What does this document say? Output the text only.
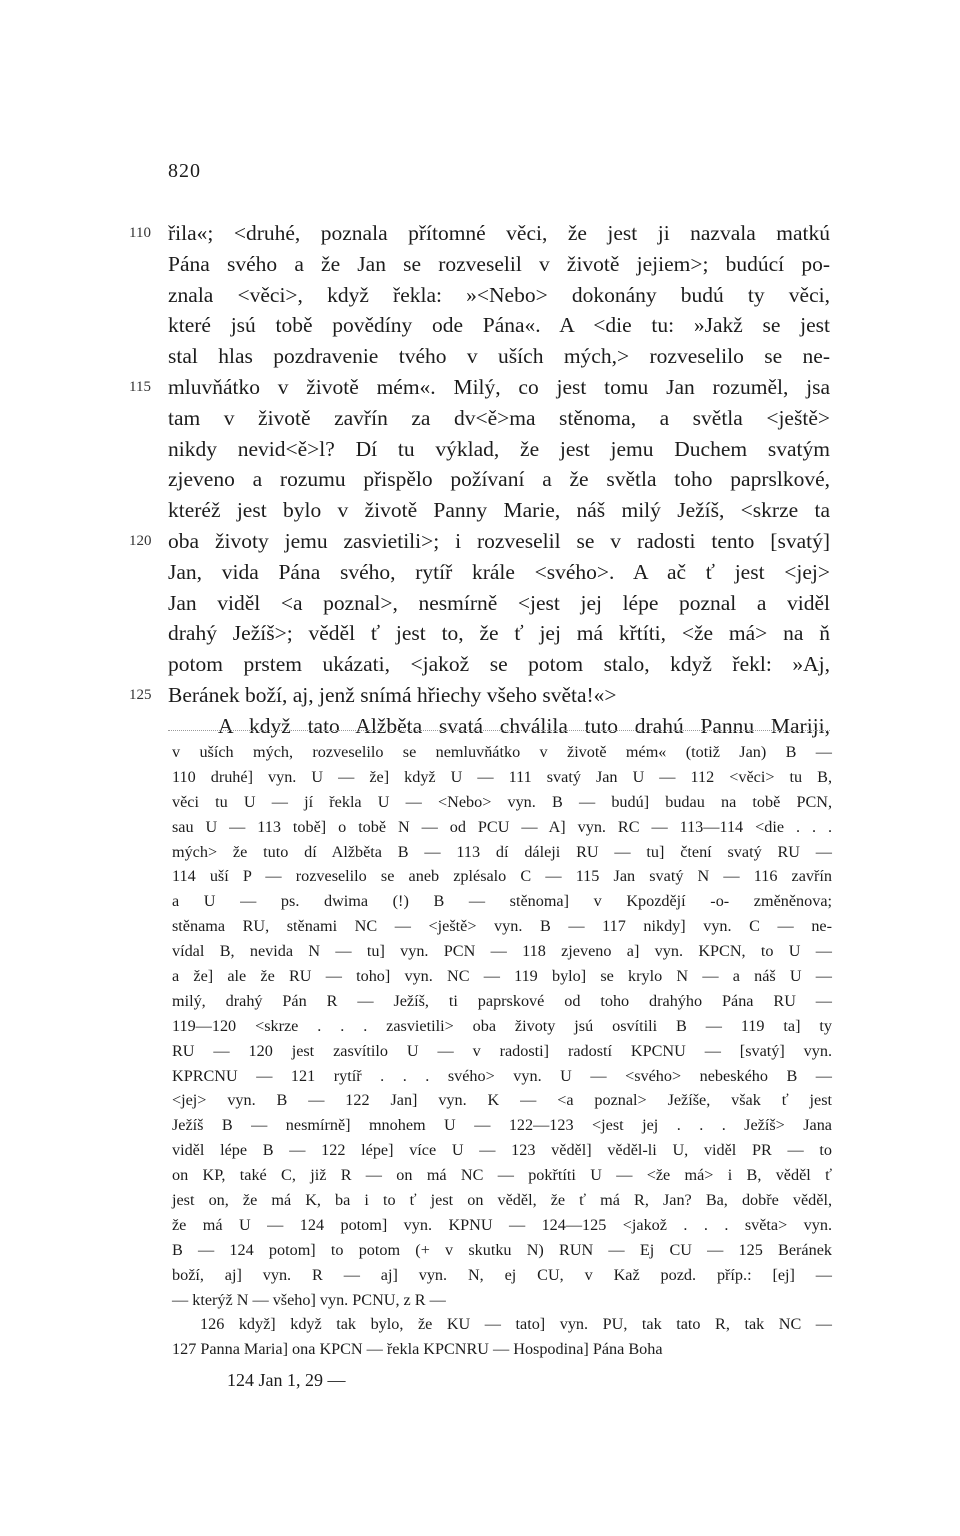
820
110 řila«; <druhé, poznala přítomné věci, že jest ji nazvala matkú
Pána svého a že Jan se rozveselil v životě jejiem>; budúcí po-
znala <věci>, když řekla: »<Nebo> dokonány budú ty věci,
které jsú tobě povědíny ode Pána«. A <die tu: »Jakž se jest
stal hlas pozdravenie tvého v uších mých,> rozveselilo se ne-
115 mluvňátko v životě mém«. Milý, co jest tomu Jan rozuměl, jsa
tam v životě zavřín za dv<ě>ma stěnoma, a světla <ještě>
nikdy nevid<ě>l? Dí tu výklad, že jest jemu Duchem svatým
zjeveno a rozumu přispělo požívaní a že světla toho paprslkové,
kteréž jest bylo v životě Panny Marie, náš milý Ježíš, <skrze ta
120 oba životy jemu zasvietili>; i rozveselil se v radosti tento [svatý]
Jan, vida Pána svého, rytíř krále <svého>. A ač ť jest <jej>
Jan viděl <a poznal>, nesmírně <jest jej lépe poznal a viděl
drahý Ježíš>; věděl ť jest to, že ť jej má křtíti, <že má> na ň
potom prstem ukázati, <jakož se potom stalo, když řekl: »Aj,
125 Beránek boží, aj, jenž snímá hřiechy všeho světa!«>
A když tato Alžběta svatá chválila tuto drahú Pannu Mariji,
v uších mých, rozveselilo se nemluvňátko v životě mém« (totiž Jan) B —
110 druhé] vyn. U — že] když U — 111 svatý Jan U — 112 <věci> tu B,
věci tu U — jí řekla U — <Nebo> vyn. B — budú] budau na tobě PCN,
sau U — 113 tobě] o tobě N — od PCU — A] vyn. RC — 113—114 <die . . .
mých> že tuto dí Alžběta B — 113 dí dáleji RU — tu] čtení svatý RU —
114 uší P — rozveselilo se aneb zplésalo C — 115 Jan svatý N — 116 zavřín
a U — ps. dwima (!) B — stěnoma] v Kpozdějí -o- změněnova;
stěnama RU, stěnami NC — <ještě> vyn. B — 117 nikdy] vyn. C — ne-
vídal B, nevida N — tu] vyn. PCN — 118 zjeveno a] vyn. KPCN, to U —
a že] ale že RU — toho] vyn. NC — 119 bylo] se krylo N — a náš U —
milý, drahý Pán R — Ježíš, ti paprskové od toho drahýho Pána RU —
119—120 <skrze . . . zasvietili> oba životy jsú osvítili B — 119 ta] ty
RU — 120 jest zasvítilo U — v radosti] radostí KPCNU — [svatý] vyn.
KPRCNU — 121 rytíř . . . svého> vyn. U — <svého> nebeského B —
<jej> vyn. B — 122 Jan] vyn. K — <a poznal> Ježíše, však ť jest
Ježíš B — nesmírně] mnohem U — 122—123 <jest jej . . . Ježíš> Jana
viděl lépe B — 122 lépe] více U — 123 věděl] věděl-li U, viděl PR — to
on KP, také C, již R — on má NC — pokřtíti U — <že má> i B, věděl ť
jest on, že má K, ba i to ť jest on věděl, že ť má R, Jan? Ba, dobře věděl,
že má U — 124 potom] vyn. KPNU — 124—125 <jakož . . . světa> vyn.
B — 124 potom] to potom (+ v skutku N) RUN — Ej CU — 125 Beránek
boží, aj] vyn. R — aj] vyn. N, ej CU, v Kaž pozd. příp.: [ej] —
— kterýž N — všeho] vyn. PCNU, z R —
126 když] když tak bylo, že KU — tato] vyn. PU, tak tato R, tak NC —
127 Panna Maria] ona KPCN — řekla KPCNRU — Hospodina] Pána Boha
124 Jan 1, 29 —
